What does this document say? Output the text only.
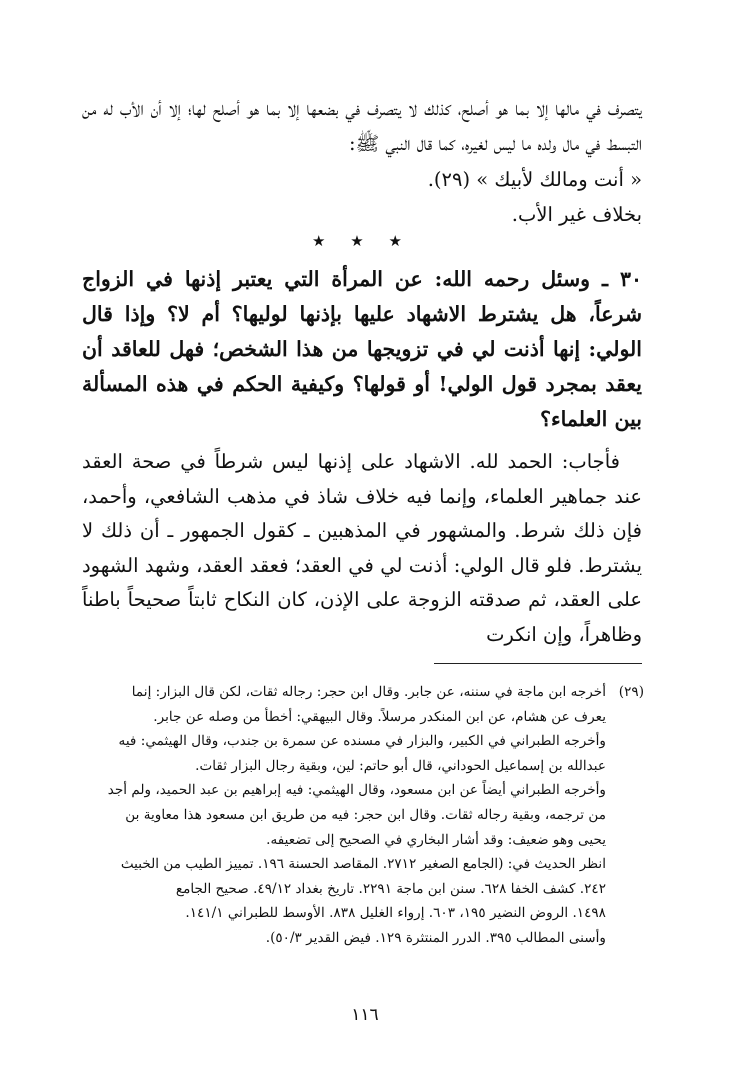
يتصرف في مالها إلا بما هو أصلح، كذلك لا يتصرف في بضعها إلا بما هو أصلح لها؛ إلا أن الأب له من التبسط في مال ولده ما ليس لغيره، كما قال النبي ﷺ:

« أنت ومالك لأبيك » (٢٩).

بخلاف غير الأب.

★ ★ ★
٣٠ ـ وسئل رحمه الله: عن المرأة التي يعتبر إذنها في الزواج شرعاً، هل يشترط الاشهاد عليها بإذنها لوليها؟ أم لا؟ وإذا قال الولي: إنها أذنت لي في تزويجها من هذا الشخص؛ فهل للعاقد أن يعقد بمجرد قول الولي! أو قولها؟ وكيفية الحكم في هذه المسألة بين العلماء؟

فأجاب: الحمد لله. الاشهاد على إذنها ليس شرطاً في صحة العقد عند جماهير العلماء، وإنما فيه خلاف شاذ في مذهب الشافعي، وأحمد، فإن ذلك شرط. والمشهور في المذهبين ـ كقول الجمهور ـ أن ذلك لا يشترط. فلو قال الولي: أذنت لي في العقد؛ فعقد العقد، وشهد الشهود على العقد، ثم صدقته الزوجة على الإذن، كان النكاح ثابتاً صحيحاً باطناً وظاهراً، وإن انكرت

(٢٩)أخرجه ابن ماجة في سننه، عن جابر. وقال ابن حجر: رجاله ثقات، لكن قال البزار: إنما

يعرف عن هشام، عن ابن المنكدر مرسلاً. وقال البيهقي: أخطأ من وصله عن جابر.

وأخرجه الطبراني في الكبير، والبزار في مسنده عن سمرة بن جندب، وقال الهيثمي: فيه

عبدالله بن إسماعيل الحوداني، قال أبو حاتم: لين، وبقية رجال البزار ثقات.

وأخرجه الطبراني أيضاً عن ابن مسعود، وقال الهيثمي: فيه إبراهيم بن عبد الحميد، ولم أجد

من ترجمه، وبقية رجاله ثقات. وقال ابن حجر: فيه من طريق ابن مسعود هذا معاوية بن

يحيى وهو ضعيف: وقد أشار البخاري في الصحيح إلى تضعيفه.

انظر الحديث في: (الجامع الصغير ٢٧١٢. المقاصد الحسنة ١٩٦. تمييز الطيب من الخبيث

٢٤٢. كشف الخفا ٦٢٨. سنن ابن ماجة ٢٢٩١. تاريخ بغداد ٤٩/١٢. صحيح الجامع

١٤٩٨. الروض النضير ١٩٥، ٦٠٣. إرواء الغليل ٨٣٨. الأوسط للطبراني ١٤١/١.

وأسنى المطالب ٣٩٥. الدرر المنتثرة ١٢٩. فيض القدير ٥٠/٣).

١١٦
